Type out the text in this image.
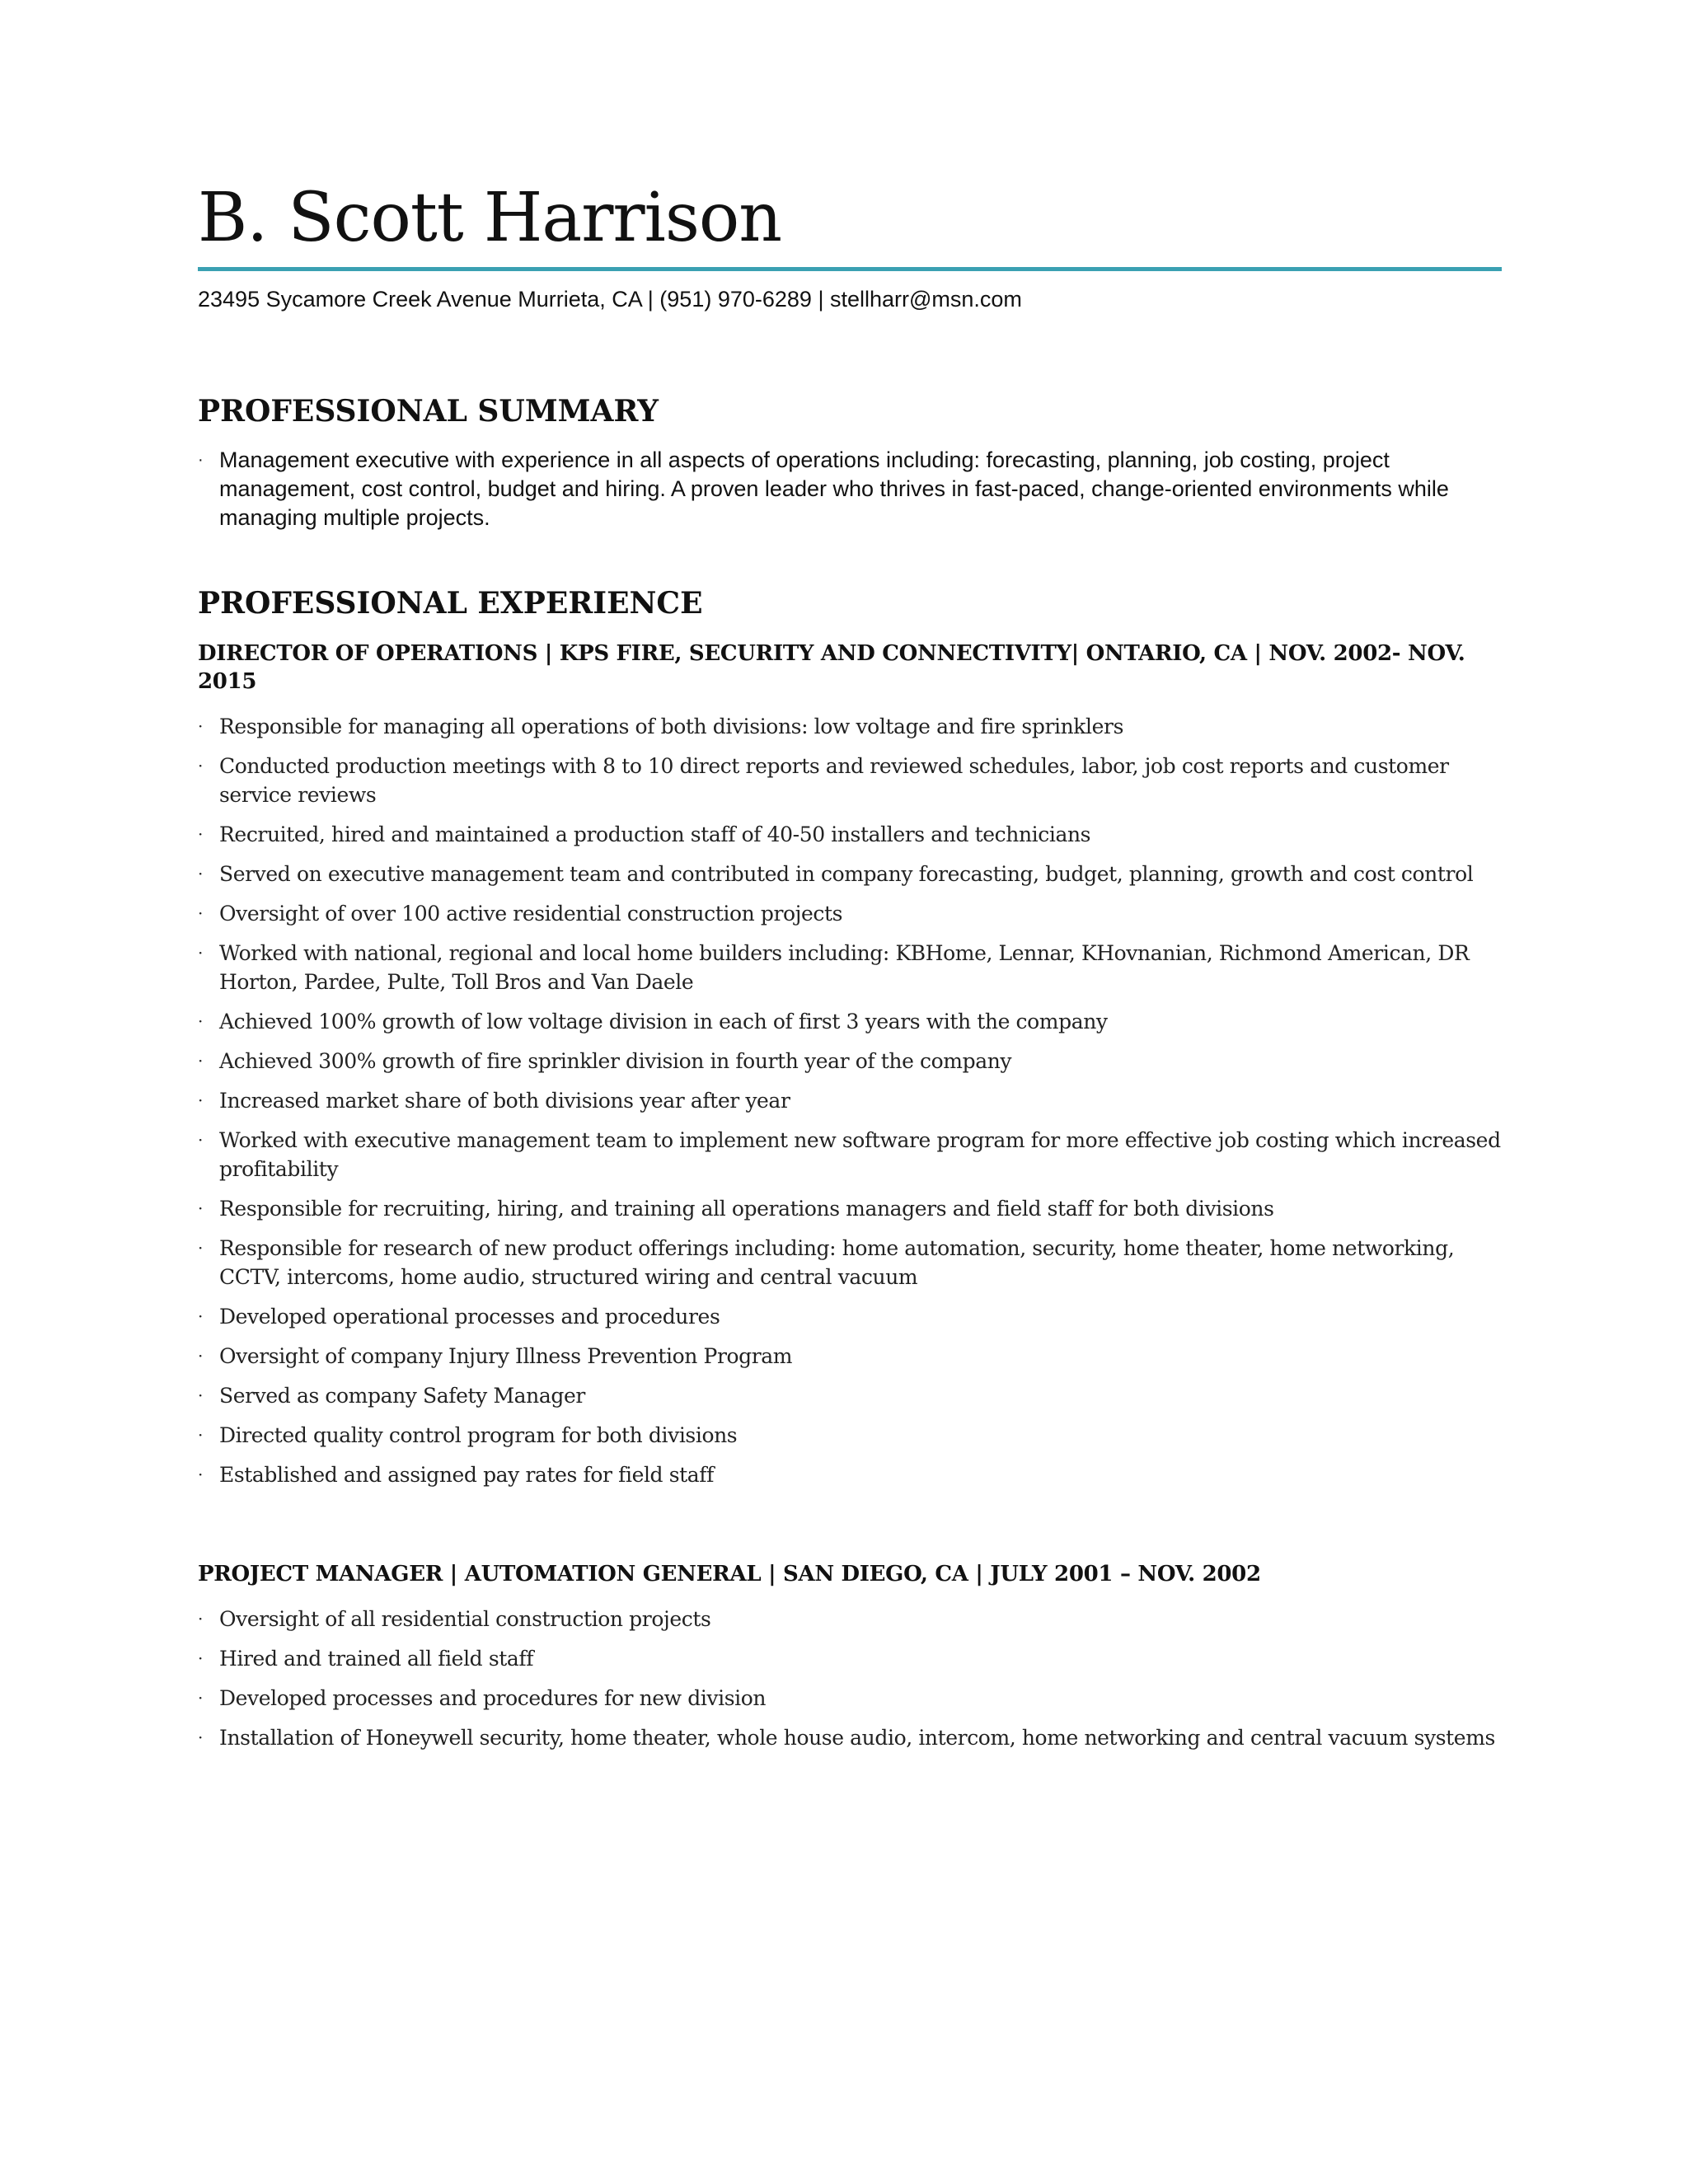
B. Scott Harrison
23495 Sycamore Creek Avenue Murrieta, CA | (951) 970-6289 | stellharr@msn.com
PROFESSIONAL SUMMARY
· Management executive with experience in all aspects of operations including: forecasting, planning, job costing, project management, cost control, budget and hiring. A proven leader who thrives in fast-paced, change-oriented environments while managing multiple projects.
PROFESSIONAL EXPERIENCE
DIRECTOR OF OPERATIONS | KPS FIRE, SECURITY AND CONNECTIVITY| ONTARIO, CA | NOV. 2002- NOV. 2015
· Responsible for managing all operations of both divisions: low voltage and fire sprinklers
· Conducted production meetings with 8 to 10 direct reports and reviewed schedules, labor, job cost reports and customer service reviews
· Recruited, hired and maintained a production staff of 40-50 installers and technicians
· Served on executive management team and contributed in company forecasting, budget, planning, growth and cost control
· Oversight of over 100 active residential construction projects
· Worked with national, regional and local home builders including: KBHome, Lennar, KHovnanian, Richmond American, DR Horton, Pardee, Pulte, Toll Bros and Van Daele
· Achieved 100% growth of low voltage division in each of first 3 years with the company
· Achieved 300% growth of fire sprinkler division in fourth year of the company
· Increased market share of both divisions year after year
· Worked with executive management team to implement new software program for more effective job costing which increased profitability
· Responsible for recruiting, hiring, and training all operations managers and field staff for both divisions
· Responsible for research of new product offerings including: home automation, security, home theater, home networking, CCTV, intercoms, home audio, structured wiring and central vacuum
· Developed operational processes and procedures
· Oversight of company Injury Illness Prevention Program
· Served as company Safety Manager
· Directed quality control program for both divisions
· Established and assigned pay rates for field staff
PROJECT MANAGER | AUTOMATION GENERAL | SAN DIEGO, CA | JULY 2001 – NOV. 2002
· Oversight of all residential construction projects
· Hired and trained all field staff
· Developed processes and procedures for new division
· Installation of Honeywell security, home theater, whole house audio, intercom, home networking and central vacuum systems
